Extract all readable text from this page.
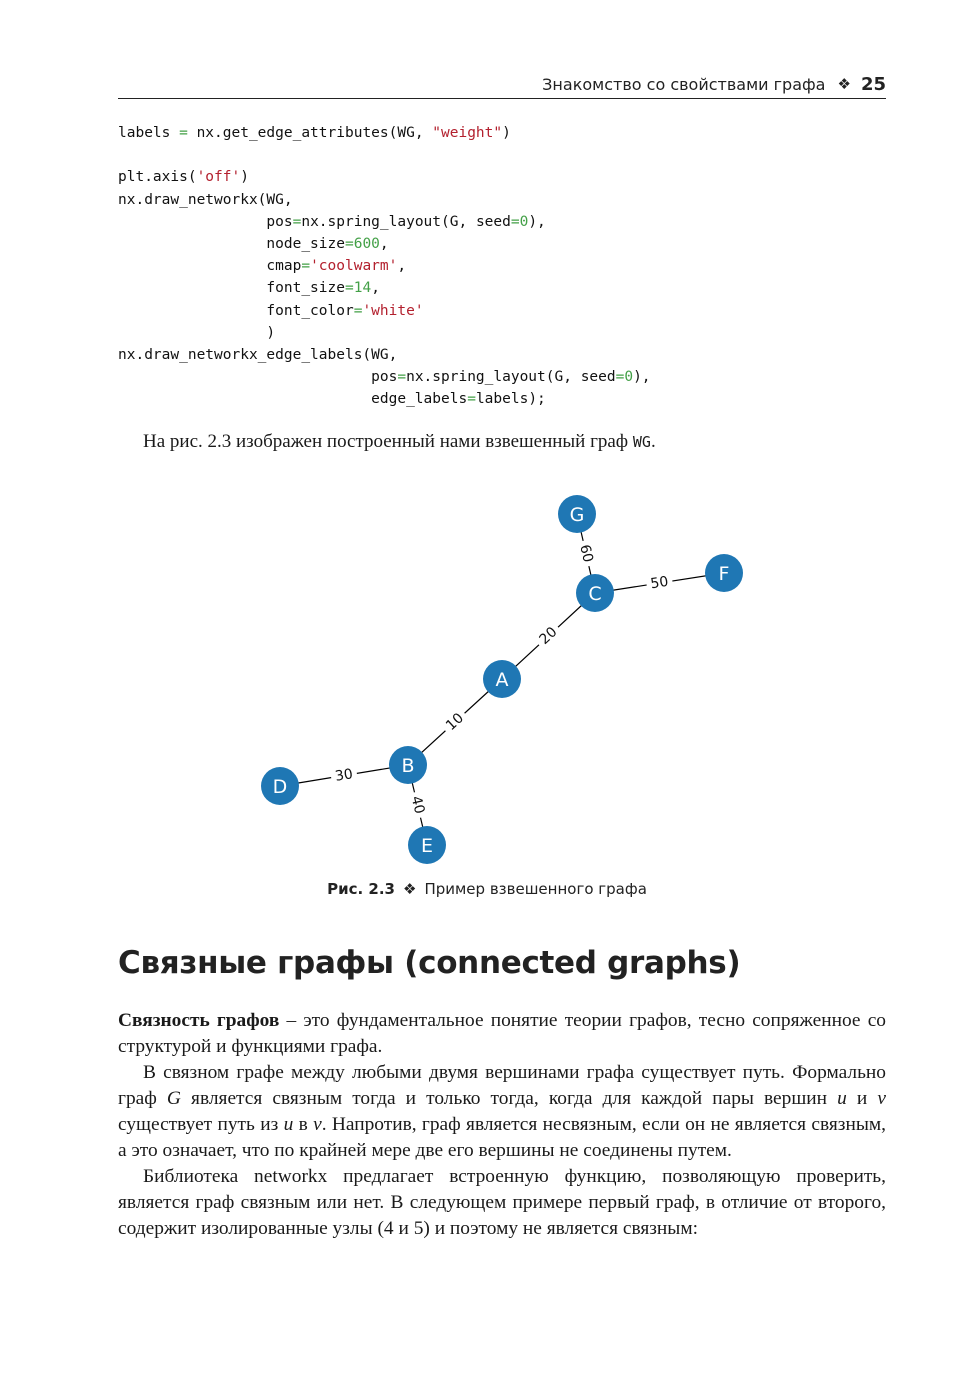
Знакомство со свойствами графа ❖ 25
labels = nx.get_edge_attributes(WG, "weight")
plt.axis('off')
nx.draw_networkx(WG,
pos=nx.spring_layout(G, seed=0),
node_size=600,
cmap='coolwarm',
font_size=14,
font_color='white'
)
nx.draw_networkx_edge_labels(WG,
pos=nx.spring_layout(G, seed=0),
edge_labels=labels);

На рис. 2.3 изображен построенный нами взвешенный граф WG.

60
50
20
10
30
40
G
F
C
A
B
D
E

Рис. 2.3 ❖ Пример взвешенного графа

Связные графы (connected graphs)

Связность графов – это фундаментальное понятие теории графов, тесно сопряженное со структурой и функциями графа.

В связном графе между любыми двумя вершинами графа существует путь. Формально граф G является связным тогда и только тогда, когда для каждой пары вершин u и v существует путь из u в v. Напротив, граф является несвязным, если он не является связным, а это означает, что по крайней мере две его вершины не соединены путем.

Библиотека networkx предлагает встроенную функцию, позволяющую проверить, является граф связным или нет. В следующем примере первый граф, в отличие от второго, содержит изолированные узлы (4 и 5) и поэтому не является связным:
